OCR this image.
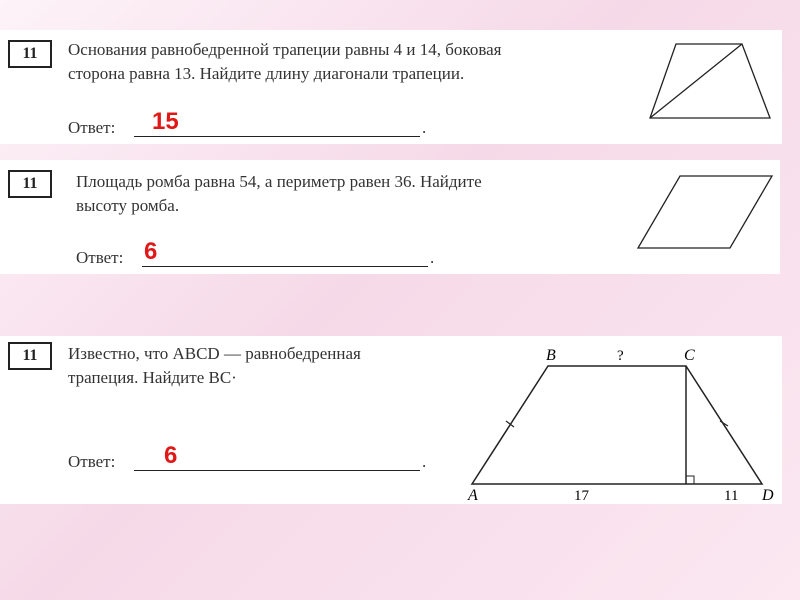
11	Основания равнобедренной трапеции равны 4 и 14, боковая
сторона равна 13. Найдите длину диагонали трапеции.
Ответ:	.
15
11	Площадь ромба равна 54, а периметр равен 36. Найдите
высоту ромба.
Ответ:	.
6
11	Известно, что ABCD — равнобедренная
трапеция. Найдите BC·
Ответ:	.
6
B	C
?
A	D
17	11
